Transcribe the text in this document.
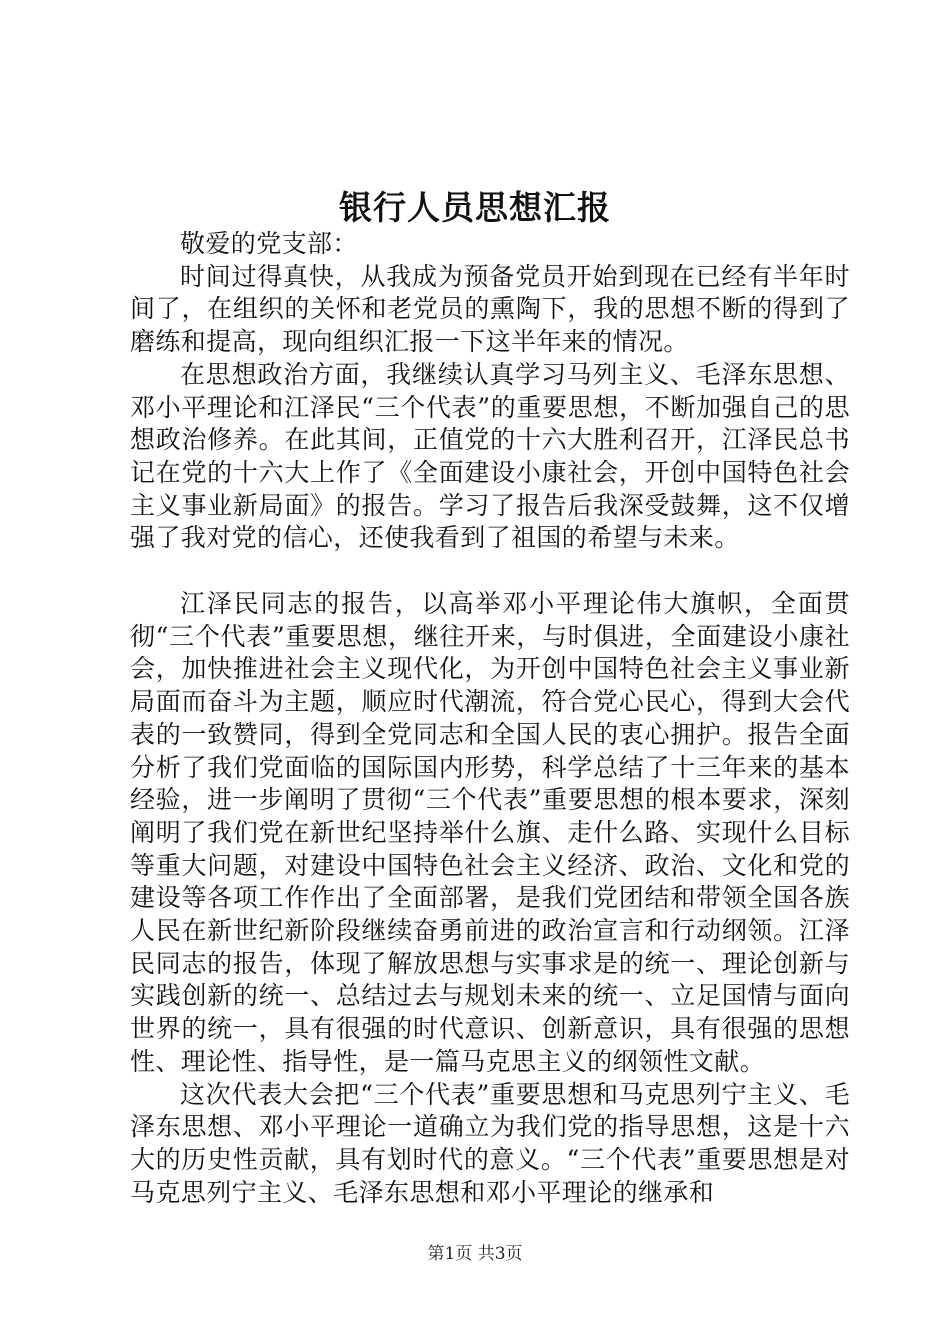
银行人员思想汇报

敬爱的党支部：

时间过得真快，从我成为预备党员开始到现在已经有半年时间了，在组织的关怀和老党员的熏陶下，我的思想不断的得到了磨练和提高，现向组织汇报一下这半年来的情况。

在思想政治方面，我继续认真学习马列主义、毛泽东思想、邓小平理论和江泽民“三个代表”的重要思想，不断加强自己的思想政治修养。在此其间，正值党的十六大胜利召开，江泽民总书记在党的十六大上作了《全面建设小康社会，开创中国特色社会主义事业新局面》的报告。学习了报告后我深受鼓舞，这不仅增强了我对党的信心，还使我看到了祖国的希望与未来。

江泽民同志的报告，以高举邓小平理论伟大旗帜，全面贯彻“三个代表”重要思想，继往开来，与时俱进，全面建设小康社会，加快推进社会主义现代化，为开创中国特色社会主义事业新局面而奋斗为主题，顺应时代潮流，符合党心民心，得到大会代表的一致赞同，得到全党同志和全国人民的衷心拥护。报告全面分析了我们党面临的国际国内形势，科学总结了十三年来的基本经验，进一步阐明了贯彻“三个代表”重要思想的根本要求，深刻阐明了我们党在新世纪坚持举什么旗、走什么路、实现什么目标等重大问题，对建设中国特色社会主义经济、政治、文化和党的建设等各项工作作出了全面部署，是我们党团结和带领全国各族人民在新世纪新阶段继续奋勇前进的政治宣言和行动纲领。江泽民同志的报告，体现了解放思想与实事求是的统一、理论创新与实践创新的统一、总结过去与规划未来的统一、立足国情与面向世界的统一，具有很强的时代意识、创新意识，具有很强的思想性、理论性、指导性，是一篇马克思主义的纲领性文献。

这次代表大会把“三个代表”重要思想和马克思列宁主义、毛泽东思想、邓小平理论一道确立为我们党的指导思想，这是十六大的历史性贡献，具有划时代的意义。“三个代表”重要思想是对马克思列宁主义、毛泽东思想和邓小平理论的继承和

第1页 共3页
